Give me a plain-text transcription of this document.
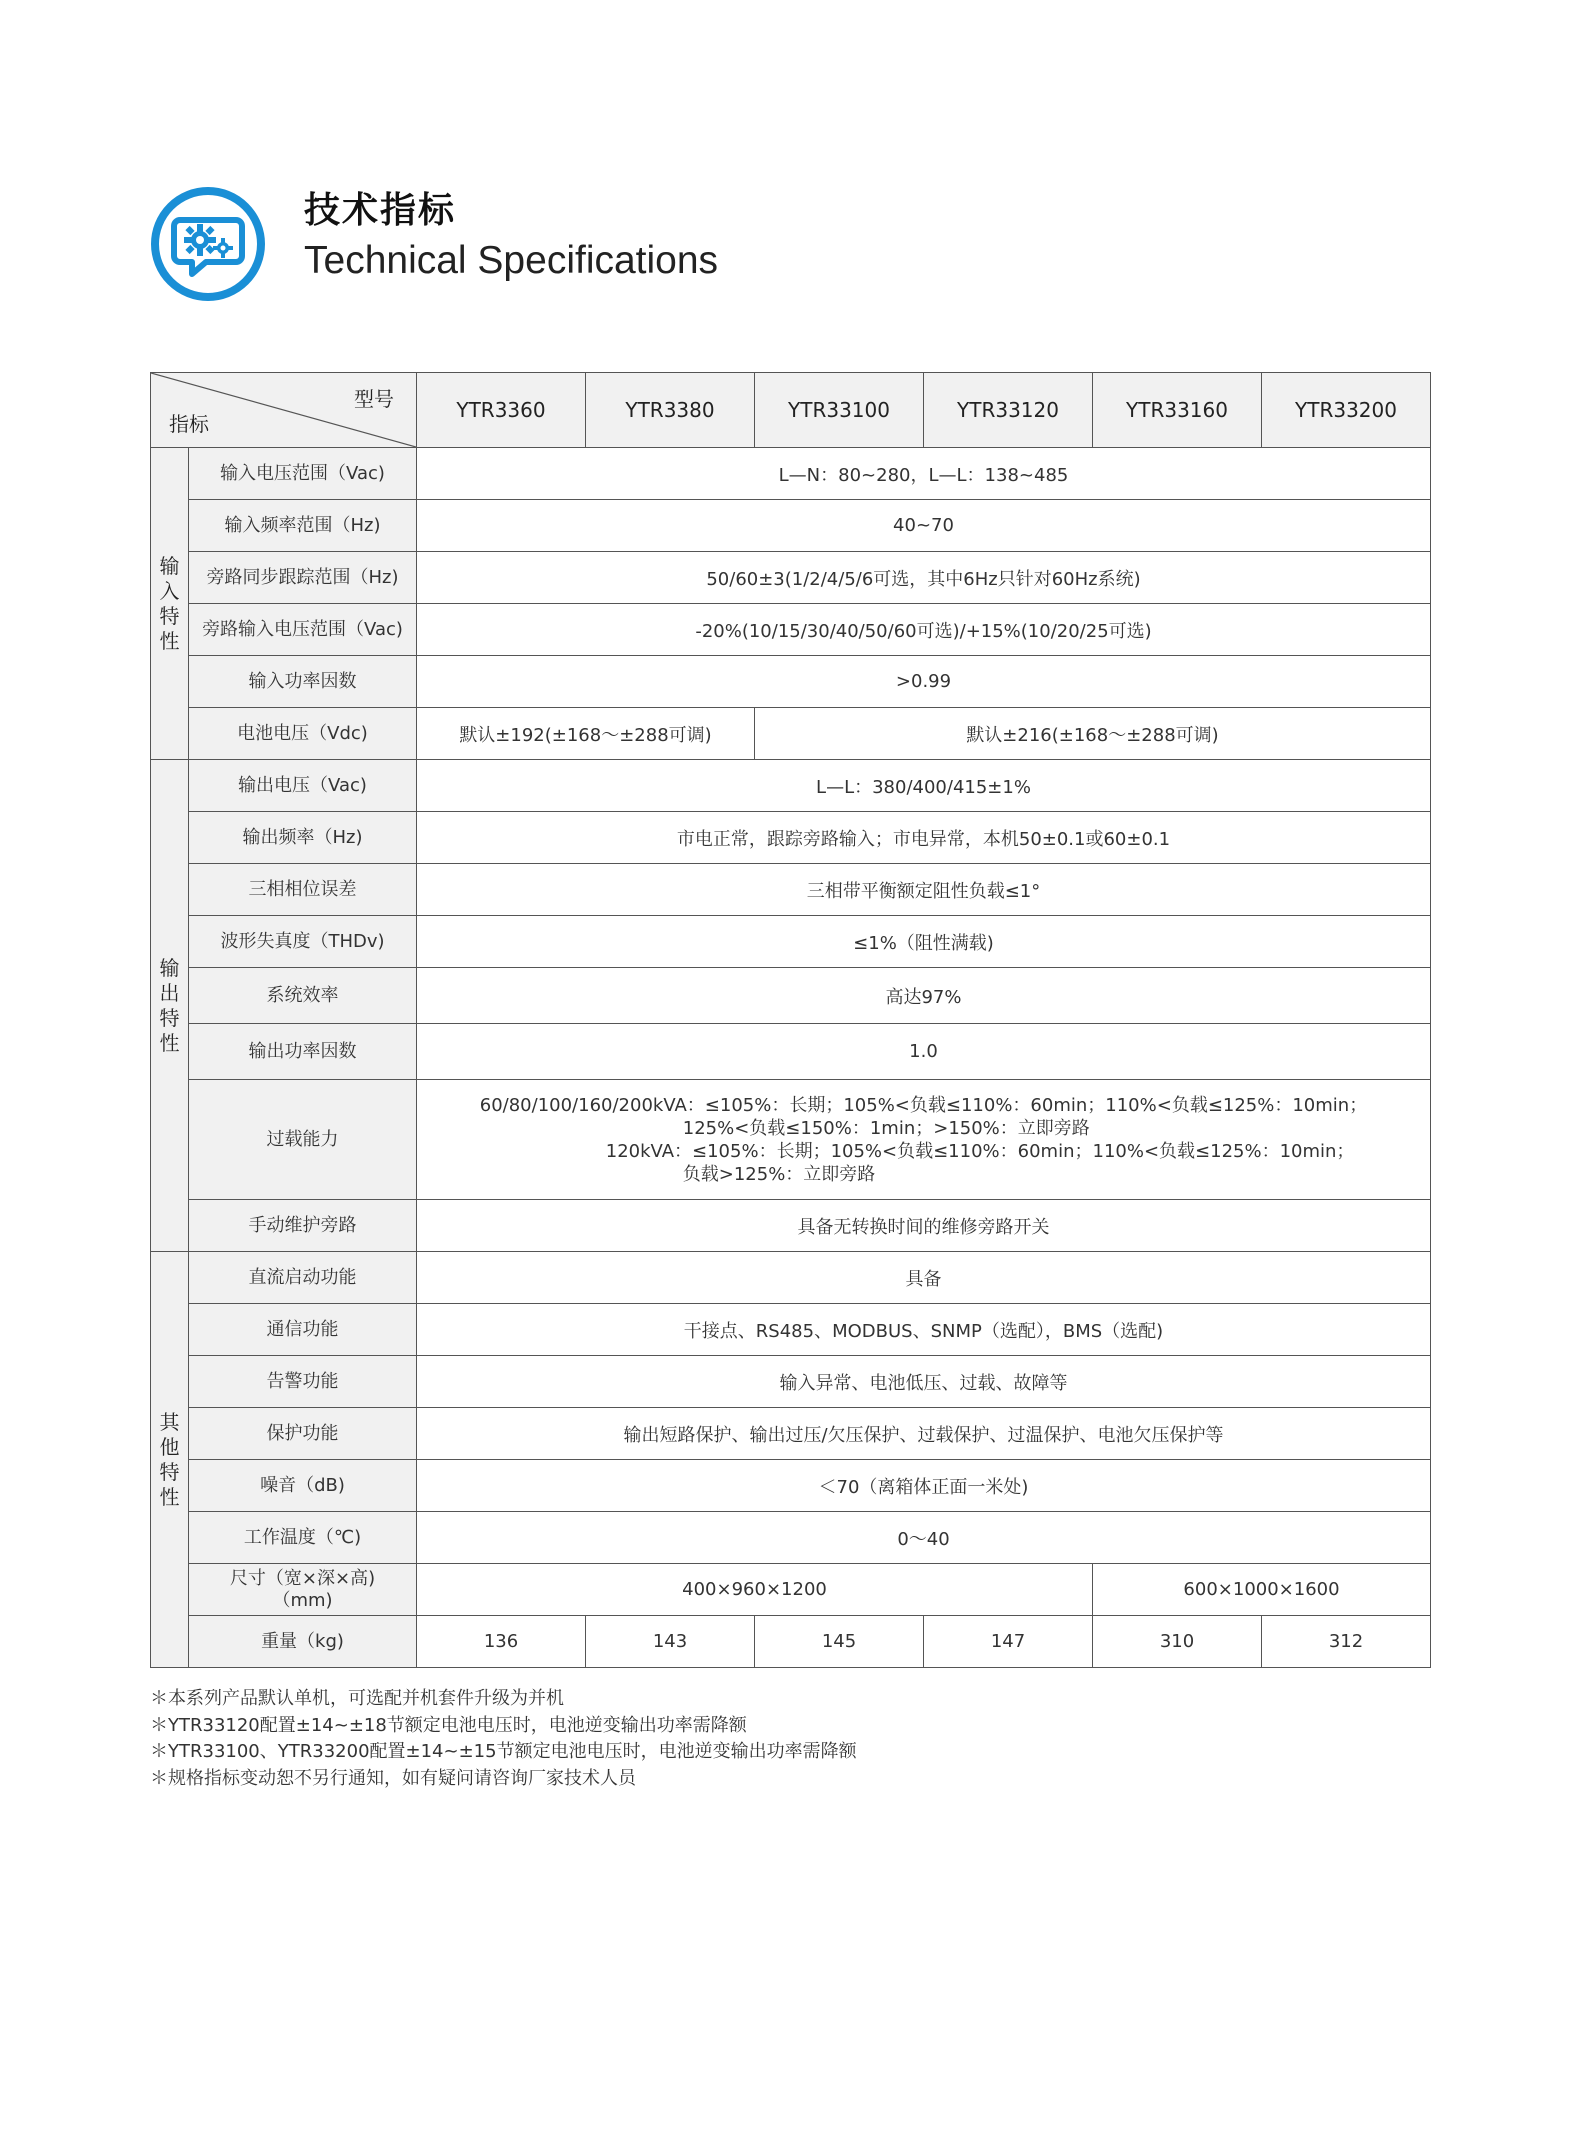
技术指标
Technical Specifications
型号
指标		YTR3360	YTR3380	YTR33100	YTR33120	YTR33160	YTR33200
输入特性	输入电压范围（Vac)	L—N：80~280，L—L：138~485					
	输入频率范围（Hz)	40~70					
	旁路同步跟踪范围（Hz)	50/60±3(1/2/4/5/6可选，其中6Hz只针对60Hz系统)					
	旁路输入电压范围（Vac)	-20%(10/15/30/40/50/60可选)/+15%(10/20/25可选)					
	输入功率因数	>0.99					
	电池电压（Vdc)	默认±192(±168～±288可调)		默认±216(±168～±288可调)			
输出特性	输出电压（Vac)	L—L：380/400/415±1%					
	输出频率（Hz)	市电正常，跟踪旁路输入；市电异常，本机50±0.1或60±0.1					
	三相相位误差	三相带平衡额定阻性负载≤1°					
	波形失真度（THDv)	≤1%（阻性满载)					
	系统效率	高达97%					
	输出功率因数	1.0					
	过载能力	60/80/100/160/200kVA：≤105%：长期；105%<负载≤110%：60min；110%<负载≤125%：10min；
125%<负载≤150%：1min；>150%：立即旁路
120kVA：≤105%：长期；105%<负载≤110%：60min；110%<负载≤125%：10min；
负载>125%：立即旁路					

	手动维护旁路	具备无转换时间的维修旁路开关					
其他特性	直流启动功能	具备					
	通信功能	干接点、RS485、MODBUS、SNMP（选配），BMS（选配)					
	告警功能	输入异常、电池低压、过载、故障等					
	保护功能	输出短路保护、输出过压/欠压保护、过载保护、过温保护、电池欠压保护等					
	噪音（dB)	＜70（离箱体正面一米处)					
	工作温度（℃)	0～40					

	尺寸（宽×深×高)
（mm)	400×960×1200				600×1000×1600	
	重量（kg)	136	143	145	147	310	312
＊本系列产品默认单机，可选配并机套件升级为并机
＊YTR33120配置±14~±18节额定电池电压时，电池逆变输出功率需降额
＊YTR33100、YTR33200配置±14~±15节额定电池电压时，电池逆变输出功率需降额
＊规格指标变动恕不另行通知，如有疑问请咨询厂家技术人员
